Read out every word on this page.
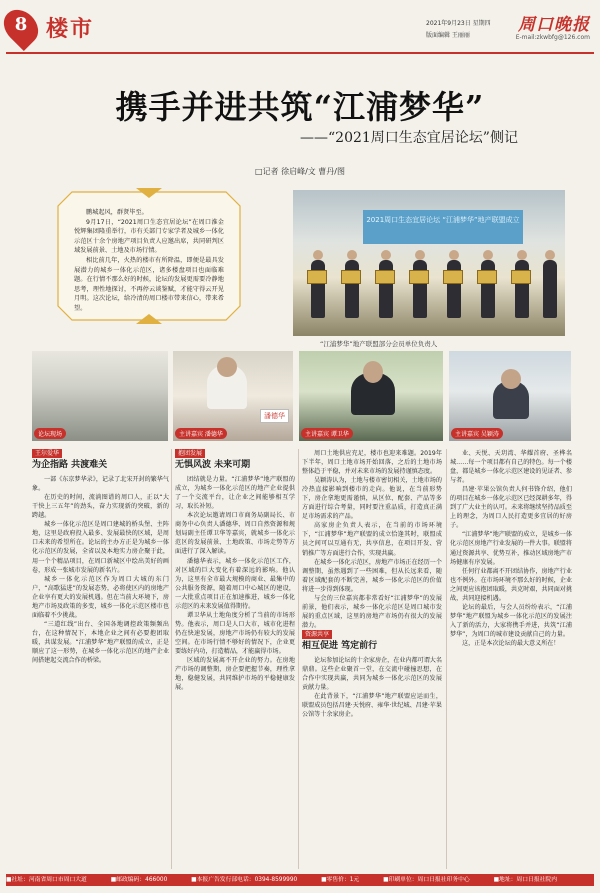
8 楼市	2021年9月23日 星期四
版面编辑 王丽丽
周口晚报
E-mail:zkwbfg@126.com
携手并进共筑“江浦梦华”
——“2021周口生态宜居论坛”侧记
□记者 徐启峰/文 曹丹/图

鹏城起风，群贤毕至。

9月17日，“2021周口生态宜居论坛”在周口淮金悦辉集团隆重举行，市有关部门专家学者及城乡一体化示范区十余个房地产项目负责人应邀出席，共同研判区域发展前景、土地及市场行情。

相比前几年，火热的楼市有所降温，即便是最具发展潜力的城乡一体化示范区，诸多楼盘项目也面临难题。在行情不那么好的时候，论坛的发展更需要冷静地思考，理性地探讨，不再停云谈鉴赋，才能守得云开见月明。这次论坛，给冷清的周口楼市带来信心，带来希望。

2021周口生态宜居论坛 “江浦梦华”地产联盟成立
“江浦梦华”地产联盟部分会员单位负责人
论坛现场
潘德华
主讲嘉宾 潘德华	主讲嘉宾 谭卫华	主讲嘉宾 吴颖涛
王尔爱华
为企指路 共渡难关

一部《东京梦华录》，记录了北宋开封的繁华气象。

在历史的时间，流淌图谱的周口人，正以“大干快上三五年”的劲头，奋力实现新的突破，新的跨越。

城乡一体化示范区是周口建城的桥头堡、主阵地，这里是政府投入最多、发展最快的区域，是周口未来的希望所在。论坛的主办方正是为城乡一体化示范区的发展，全省以及本地实力房企聚于此，用一个个精品项目，在周口新城区中绘出美好的画卷，形成一张城市发展的新名片。

城乡一体化示范区作为周口大城的东门户，“高歌猛进”的发展态势，必将使区内的房地产企业享有更大的发展机遇。但在当前大环境下，房地产市场及政策的多变，城乡一体化示范区楼市也面临着不少挑战。

“三道红线”出台、全国各地调控政策频频出台，在这种情况下，本地企业之间有必要抱团取暖，共谋发展。“江浦梦华”地产联盟的成立，正是顺应了这一形势，在城乡一体化示范区的地产企业间搭建起交流合作的桥梁。

抱团发展
无惧风波 未来可期

团结就是力量。“江浦梦华”地产联盟的成立，为城乡一体化示范区的地产企业提供了一个交流平台，让企业之间能够相互学习，取长补短。

本次论坛邀请周口市商务局副局长、市商务中心负责人潘德华、周口自然资源和规划局副主任谭卫华等嘉宾，就城乡一体化示范区的发展前景、土地政策、市场走势等方面进行了深入解读。

潘德华表示，城乡一体化示范区工作，对区域的巨大变化有着深远的影响。他认为，这里有全市最大规模的商业、最集中的公共服务资源，随着周口中心城区的建设，一大批重点项目正在加速推进，城乡一体化示范区的未来发展值得期待。

谭卫华从土地角度分析了当前的市场形势。他表示，周口是人口大市，城市化进程仍在快速发展，房地产市场仍有较大的发展空间。在市场行情不够好的情况下，企业更要练好内功，打造精品，才能赢得市场。

区域的发展离不开企业的努力。在房地产市场的调整期，房企要把握节奏，理性拿地，稳健发展，共同维护市场的平稳健康发展。

周口土地供应充足，楼市也迎来难题。2019年下半年，周口土地市场开始回落，之后的土地市场整体趋于平稳，并对未来市场的发展持谨慎态度。

吴颖涛认为，土地与楼市密切相关，土地市场的冷热直接影响到楼市的走向。他说，在当前形势下，房企拿地更需谨慎，从区位、配套、产品等多方面进行综合考量，同时要注重品质，打造真正满足市场需求的产品。

高家房企负责人表示，在当前的市场环境下，“江浦梦华”地产联盟的成立恰逢其时，联盟成员之间可以互通有无，共享信息，在项目开发、营销推广等方面进行合作，实现共赢。

在城乡一体化示范区，房地产市场正在经历一个调整期，虽然遇到了一些困难，但从长远来看，随着区域配套的不断完善，城乡一体化示范区的价值将进一步得到体现。

与会的三位嘉宾都非常看好“江浦梦华”的发展前景，他们表示，城乡一体化示范区是周口城市发展的重点区域，这里的房地产市场仍有很大的发展潜力。

资源共享
相互促进 笃定前行

论坛参加论坛的十余家房企，在业内都可谓大名鼎鼎。这些企业聚首一堂，在交流中碰撞思想，在合作中实现共赢，共同为城乡一体化示范区的发展贡献力量。

在此背景下，“江浦梦华”地产联盟应运而生，联盟成员包括昌建·天悦府、雍华·世纪城、昌建·苹果公馆等十余家房企。

业、天悦、天玥湾、华耀首府、圣桦名城……每一个项目都有自己的特色。每一个楼盘，都是城乡一体化示范区建设的见证者、参与者。

昌建·苹果公馆负责人何书锋介绍，他们的项目在城乡一体化示范区已经深耕多年，得到了广大业主的认可。未来将继续坚持品质至上的理念，为周口人民打造更多宜居的好房子。

“江浦梦华”地产联盟的成立，是城乡一体化示范区房地产行业发展的一件大事。联盟将通过资源共享、优势互补，推动区域房地产市场健康有序发展。

任何行业都离不开团结协作，房地产行业也不例外。在市场环境不那么好的时候，企业之间更应该抱团取暖，共克时艰，共同面对挑战，共同迎接机遇。

论坛的最后，与会人员纷纷表示，“江浦梦华”地产联盟为城乡一体化示范区的发展注入了新的活力，大家将携手并进，共筑“江浦梦华”，为周口的城市建设贡献自己的力量。

这，正是本次论坛的最大意义所在！

■社址：河南省周口市周口大道	■邮政编码：466000	■本报广告发行部电话：0394-8599990	■零售价：1元	■印刷单位：周口日报社印务中心	■地址：周口日报社院内
